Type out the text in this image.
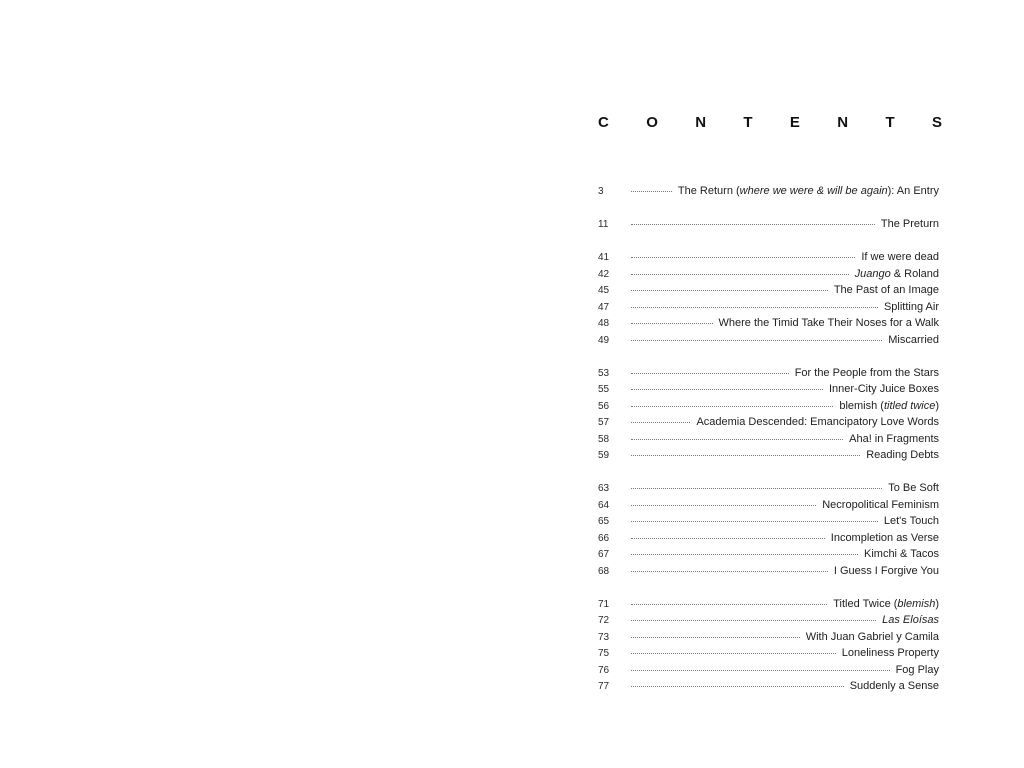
C O N T E N T S
3	The Return (where we were & will be again): An Entry
11	The Preturn
41	If we were dead
42	Juango & Roland
45	The Past of an Image
47	Splitting Air
48	Where the Timid Take Their Noses for a Walk
49	Miscarried
53	For the People from the Stars
55	Inner-City Juice Boxes
56	blemish (titled twice)
57	Academia Descended: Emancipatory Love Words
58	Aha! in Fragments
59	Reading Debts
63	To Be Soft
64	Necropolitical Feminism
65	Let's Touch
66	Incompletion as Verse
67	Kimchi & Tacos
68	I Guess I Forgive You
71	Titled Twice (blemish)
72	Las Eloísas
73	With Juan Gabriel y Camila
75	Loneliness Property
76	Fog Play
77	Suddenly a Sense
